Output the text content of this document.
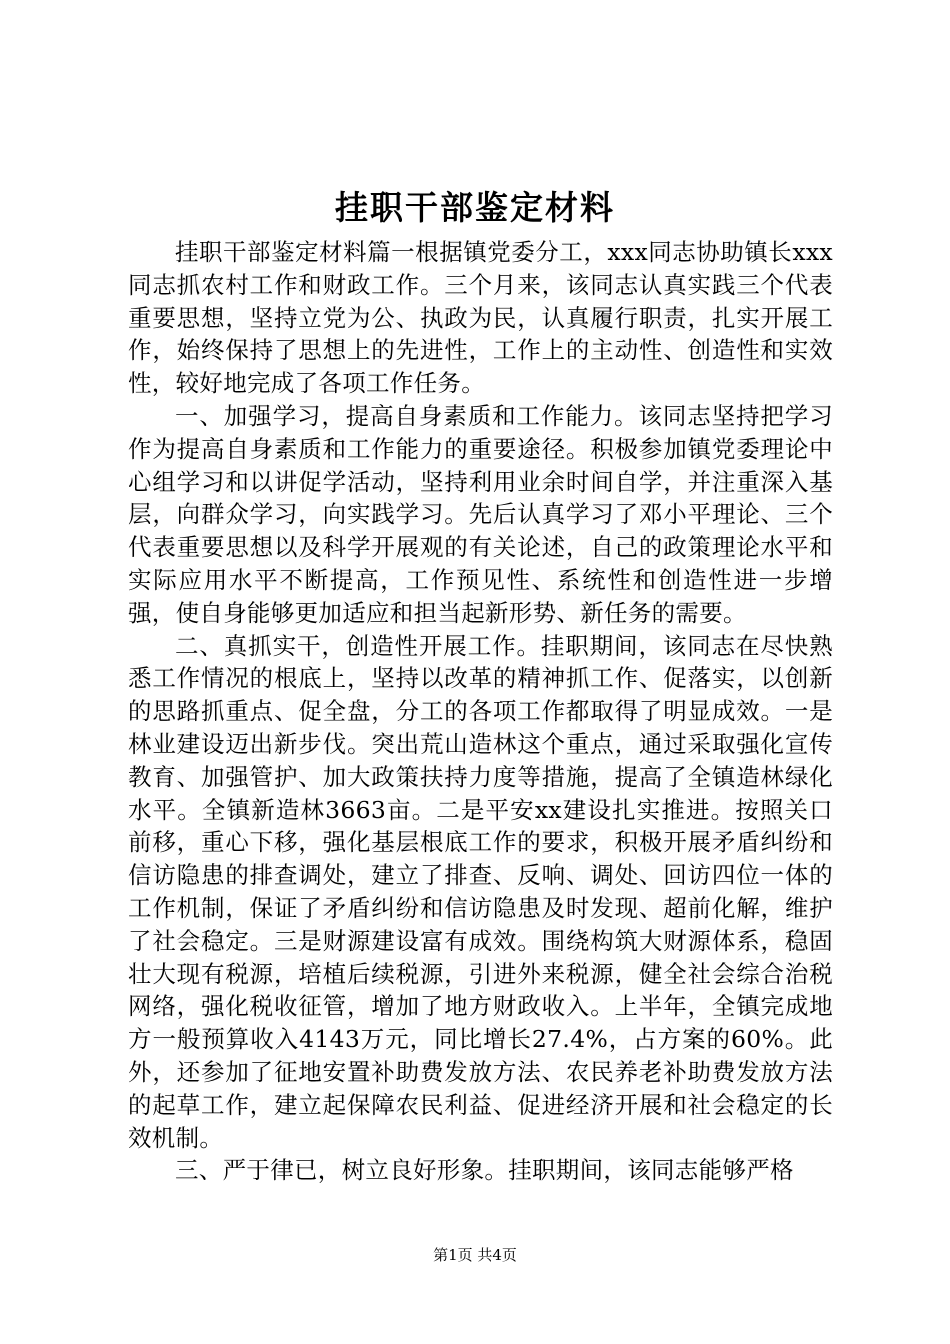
挂职干部鉴定材料

挂职干部鉴定材料篇一根据镇党委分工，xxx同志协助镇长xxx同志抓农村工作和财政工作。三个月来，该同志认真实践三个代表重要思想，坚持立党为公、执政为民，认真履行职责，扎实开展工作，始终保持了思想上的先进性，工作上的主动性、创造性和实效性，较好地完成了各项工作任务。

一、加强学习，提高自身素质和工作能力。该同志坚持把学习作为提高自身素质和工作能力的重要途径。积极参加镇党委理论中心组学习和以讲促学活动，坚持利用业余时间自学，并注重深入基层，向群众学习，向实践学习。先后认真学习了邓小平理论、三个代表重要思想以及科学开展观的有关论述，自己的政策理论水平和实际应用水平不断提高，工作预见性、系统性和创造性进一步增强，使自身能够更加适应和担当起新形势、新任务的需要。

二、真抓实干，创造性开展工作。挂职期间，该同志在尽快熟悉工作情况的根底上，坚持以改革的精神抓工作、促落实，以创新的思路抓重点、促全盘，分工的各项工作都取得了明显成效。一是林业建设迈出新步伐。突出荒山造林这个重点，通过采取强化宣传教育、加强管护、加大政策扶持力度等措施，提高了全镇造林绿化水平。全镇新造林3663亩。二是平安xx建设扎实推进。按照关口前移，重心下移，强化基层根底工作的要求，积极开展矛盾纠纷和信访隐患的排查调处，建立了排查、反响、调处、回访四位一体的工作机制，保证了矛盾纠纷和信访隐患及时发现、超前化解，维护了社会稳定。三是财源建设富有成效。围绕构筑大财源体系，稳固壮大现有税源，培植后续税源，引进外来税源，健全社会综合治税网络，强化税收征管，增加了地方财政收入。上半年，全镇完成地方一般预算收入4143万元，同比增长27.4%，占方案的60%。此外，还参加了征地安置补助费发放方法、农民养老补助费发放方法的起草工作，建立起保障农民利益、促进经济开展和社会稳定的长效机制。

三、严于律已，树立良好形象。挂职期间，该同志能够严格

第1页 共4页
